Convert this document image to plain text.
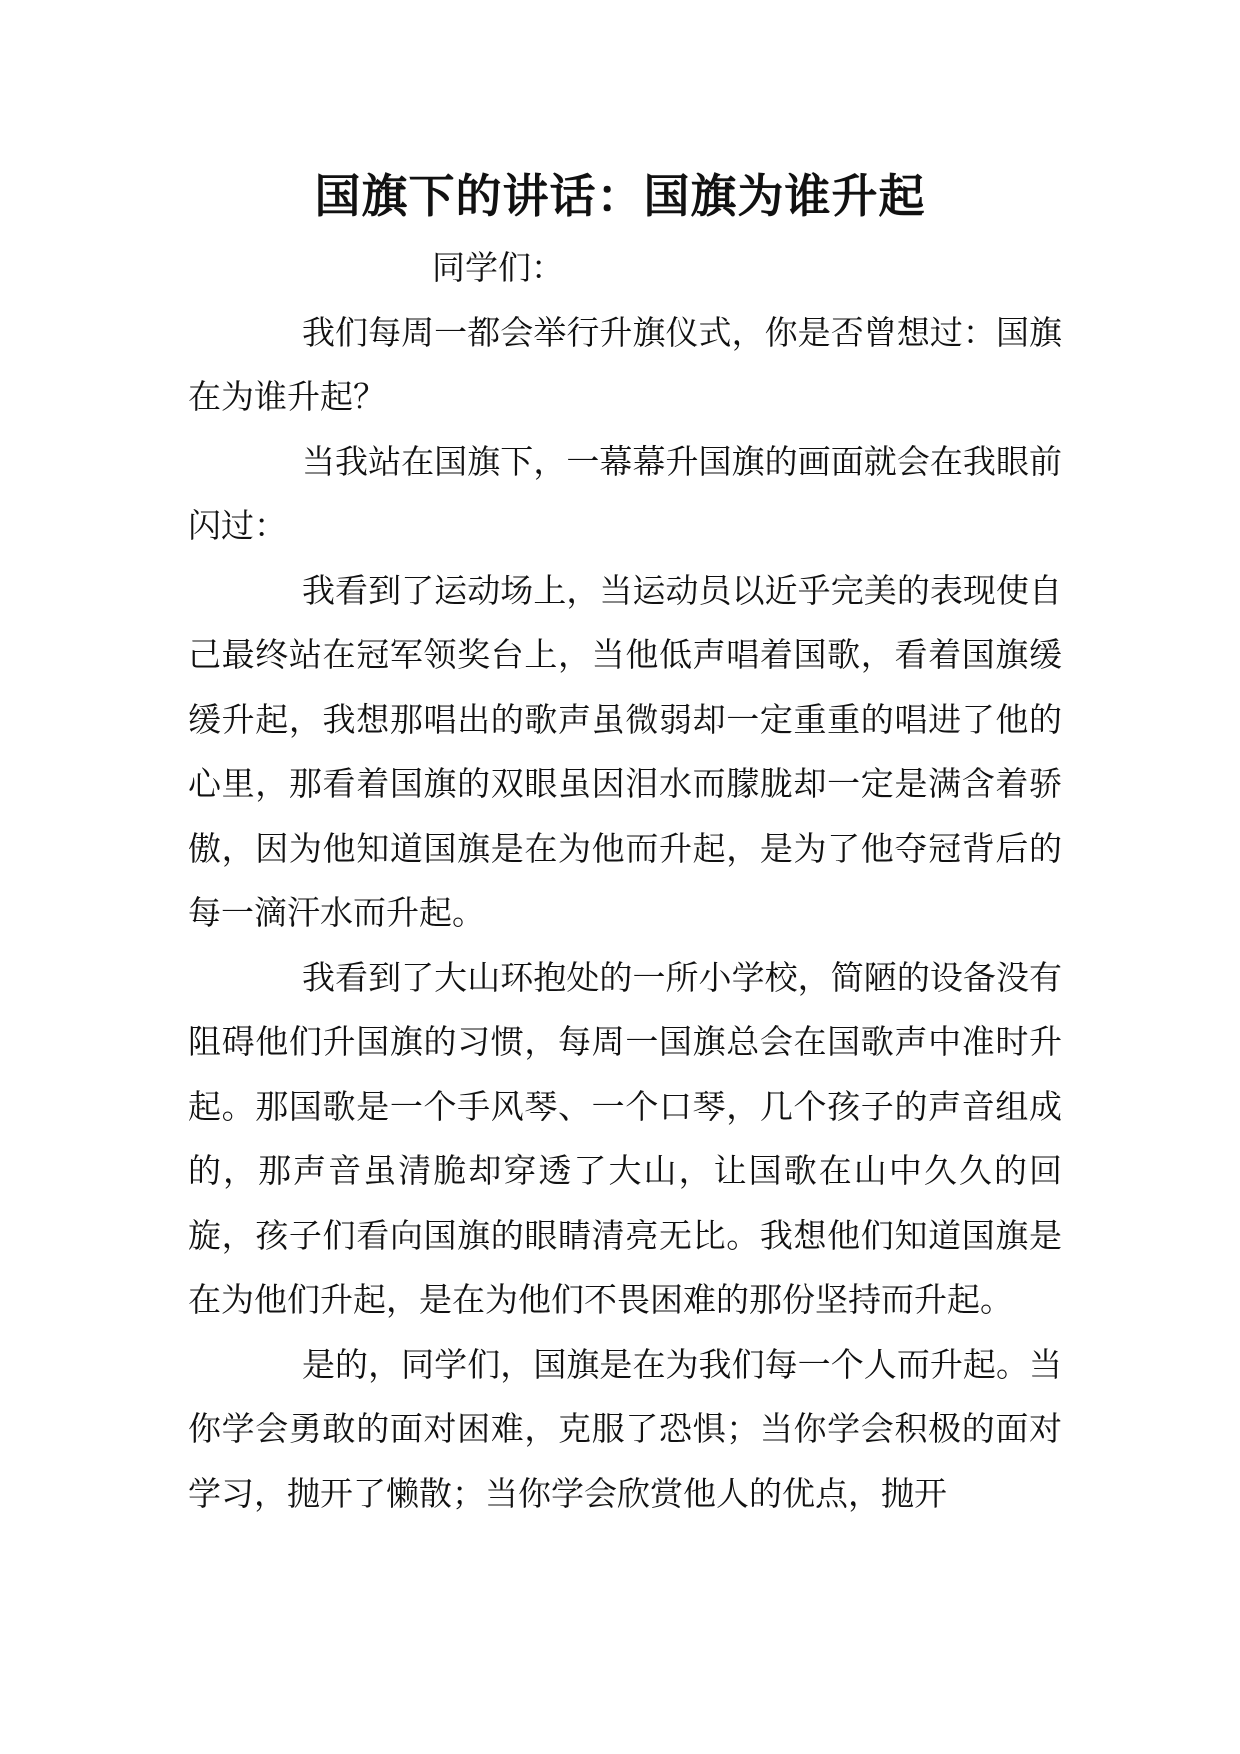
国旗下的讲话：国旗为谁升起

同学们：

我们每周一都会举行升旗仪式，你是否曾想过：国旗在为谁升起？

当我站在国旗下，一幕幕升国旗的画面就会在我眼前闪过：

我看到了运动场上，当运动员以近乎完美的表现使自己最终站在冠军领奖台上，当他低声唱着国歌，看着国旗缓缓升起，我想那唱出的歌声虽微弱却一定重重的唱进了他的心里，那看着国旗的双眼虽因泪水而朦胧却一定是满含着骄傲，因为他知道国旗是在为他而升起，是为了他夺冠背后的每一滴汗水而升起。

我看到了大山环抱处的一所小学校，简陋的设备没有阻碍他们升国旗的习惯，每周一国旗总会在国歌声中准时升起。那国歌是一个手风琴、一个口琴，几个孩子的声音组成的，那声音虽清脆却穿透了大山，让国歌在山中久久的回旋，孩子们看向国旗的眼睛清亮无比。我想他们知道国旗是在为他们升起，是在为他们不畏困难的那份坚持而升起。

是的，同学们，国旗是在为我们每一个人而升起。当你学会勇敢的面对困难，克服了恐惧；当你学会积极的面对学习，抛开了懒散；当你学会欣赏他人的优点，抛开
